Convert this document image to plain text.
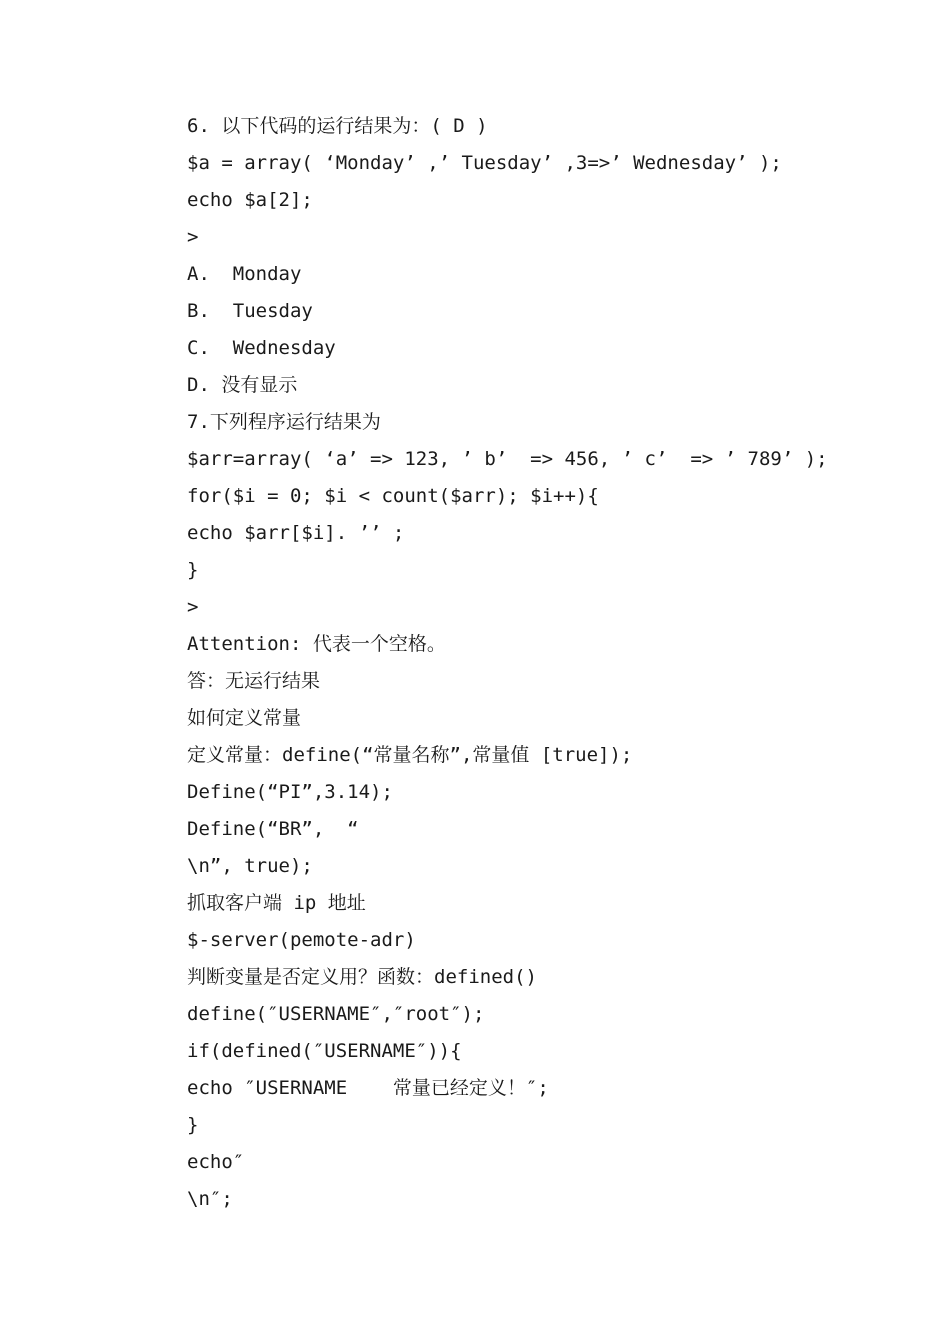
6. 以下代码的运行结果为：( D )
$a = array( ‘Monday’ ,’ Tuesday’ ,3=>’ Wednesday’ );
echo $a[2];
>
A.  Monday
B.  Tuesday
C.  Wednesday
D. 没有显示
7.下列程序运行结果为
$arr=array( ‘a’ => 123, ’ b’  => 456, ’ c’  => ’ 789’ );
for($i = 0; $i < count($arr); $i++){
echo $arr[$i]. ’’ ;
}
>
Attention: 代表一个空格。
答：无运行结果
如何定义常量
定义常量：define(“常量名称”,常量值 [true]);
Define(“PI”,3.14);
Define(“BR”,  “
\n”, true);
抓取客户端 ip 地址
$-server(pemote-adr)
判断变量是否定义用？函数：defined()
define(″USERNAME″,″root″);
if(defined(″USERNAME″)){
echo ″USERNAME    常量已经定义！″;
}
echo″
\n″;
